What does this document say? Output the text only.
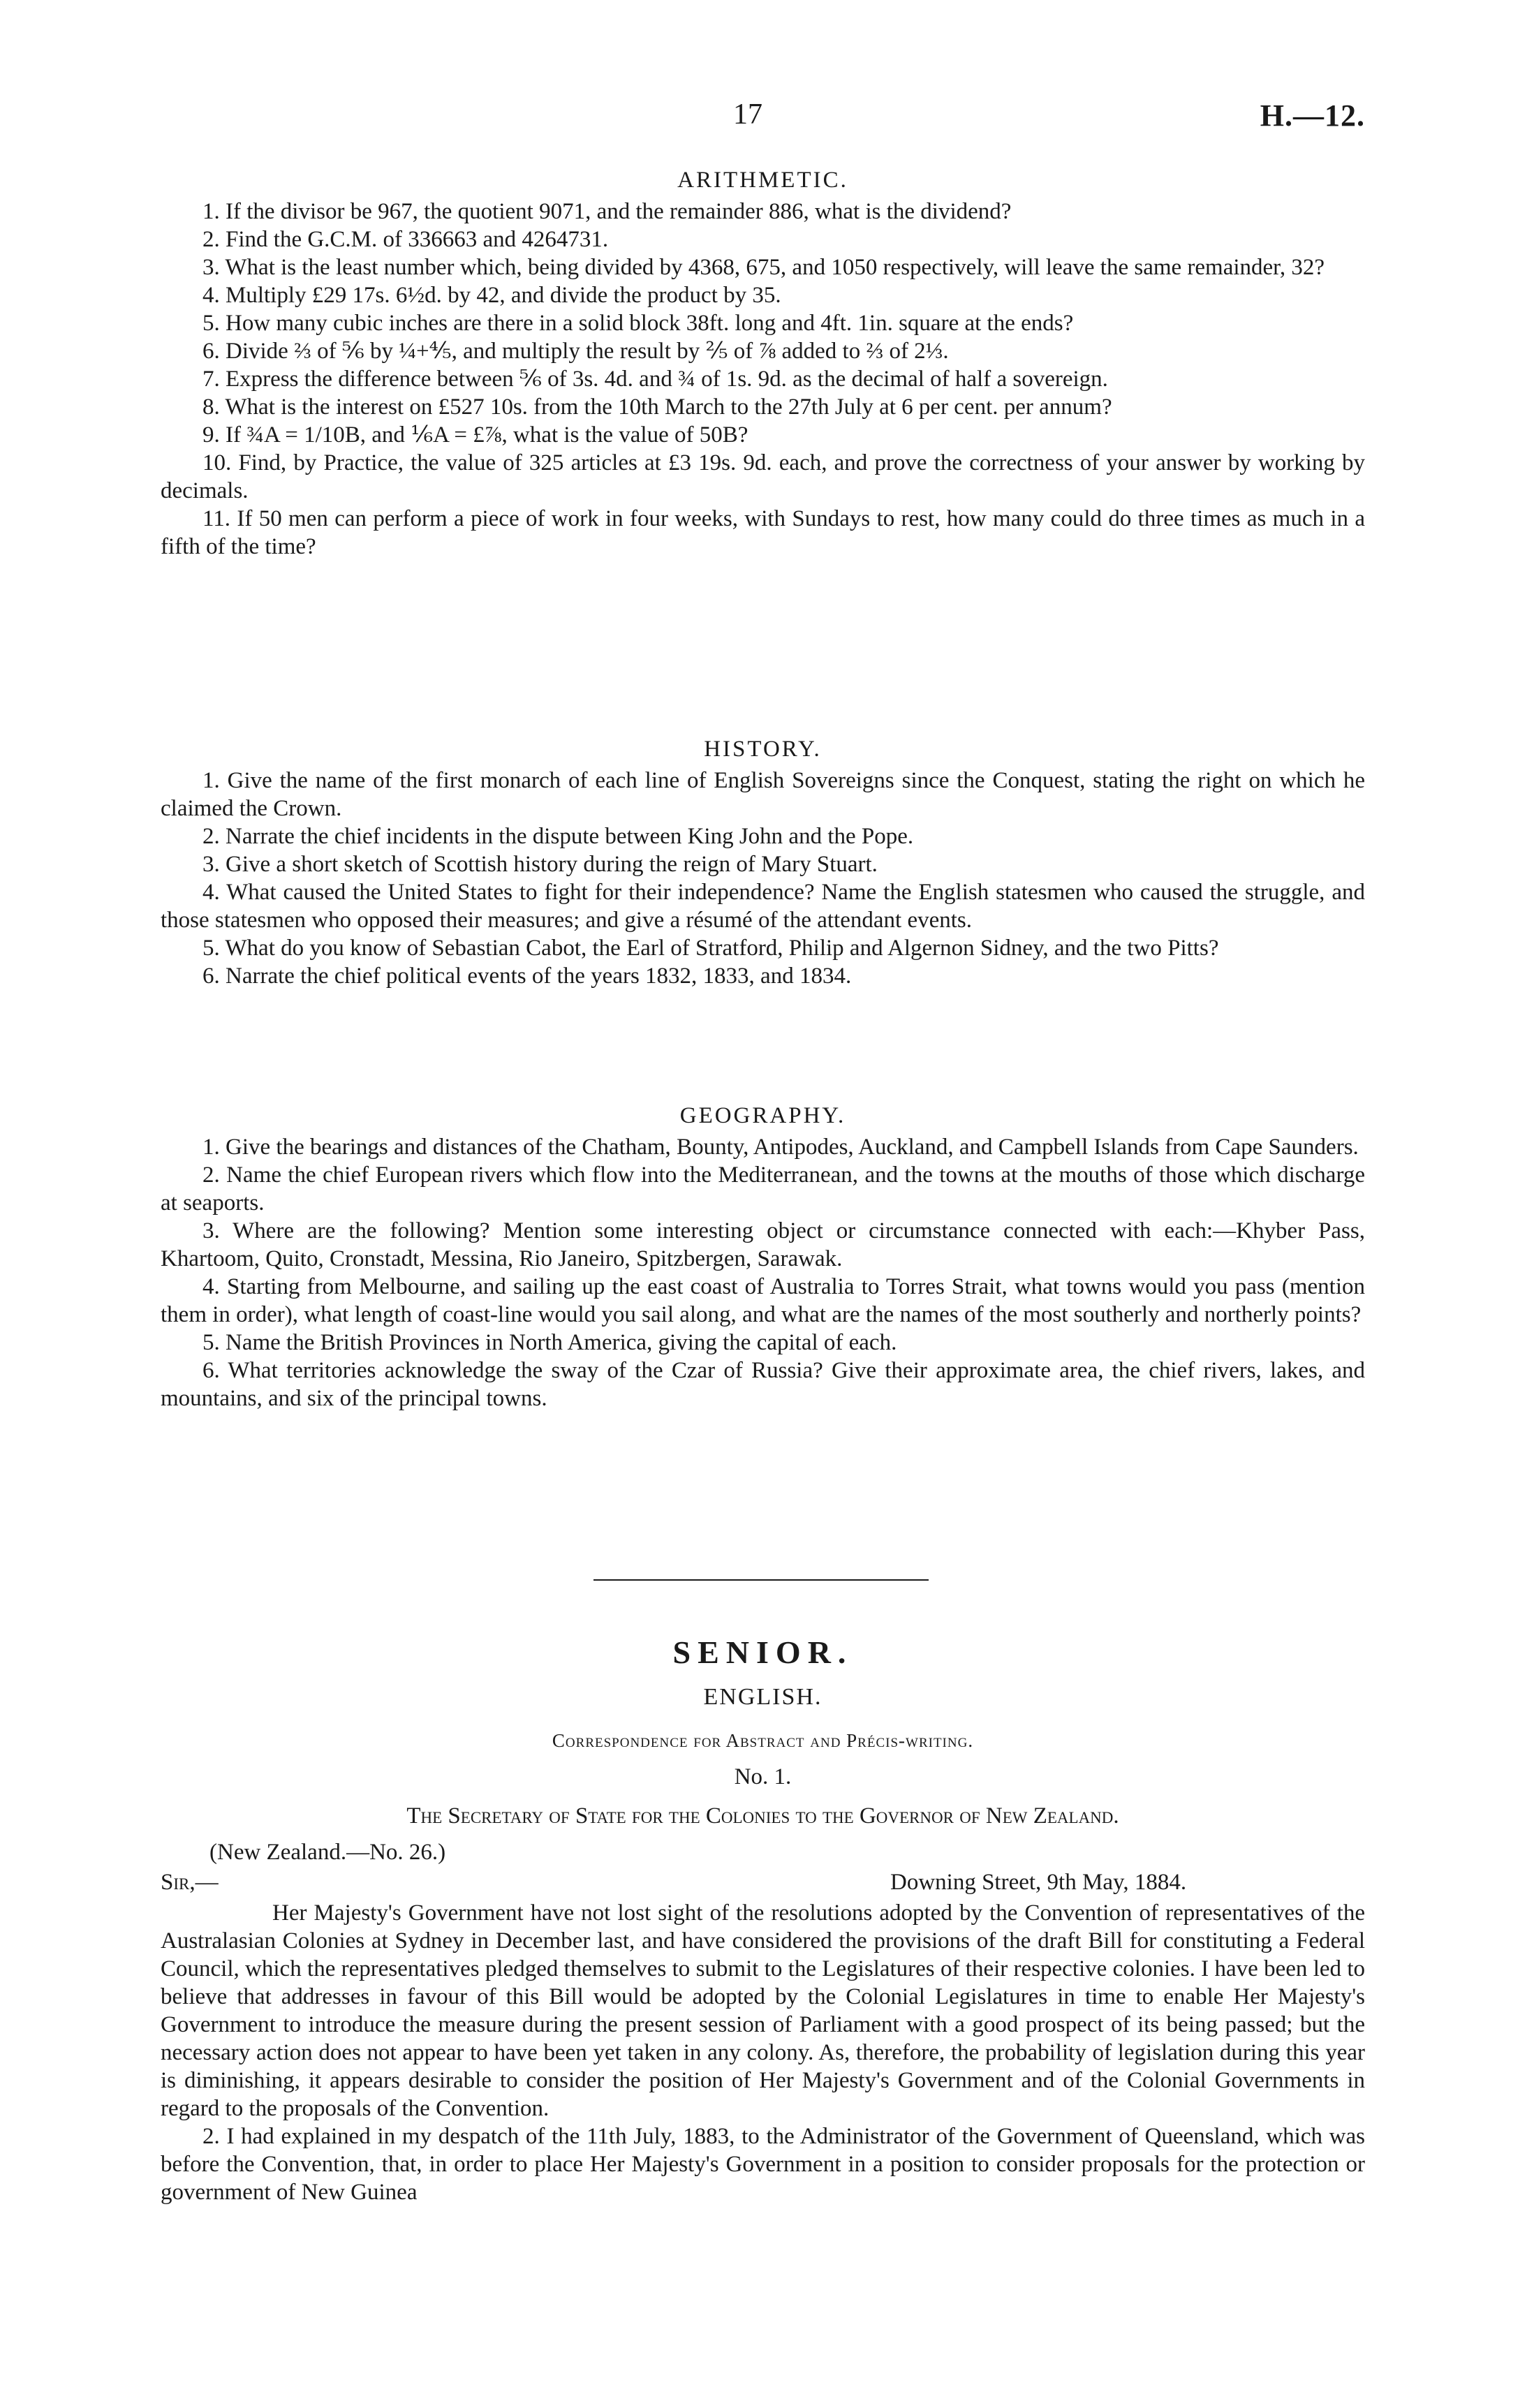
17	H.—12.

ARITHMETIC.

1. If the divisor be 967, the quotient 9071, and the remainder 886, what is the dividend?

2. Find the G.C.M. of 336663 and 4264731.

3. What is the least number which, being divided by 4368, 675, and 1050 respectively, will leave the same remainder, 32?

4. Multiply £29 17s. 6½d. by 42, and divide the product by 35.

5. How many cubic inches are there in a solid block 38ft. long and 4ft. 1in. square at the ends?

6. Divide ⅔ of ⅚ by ¼+⅘, and multiply the result by ⅖ of ⅞ added to ⅔ of 2⅓.

7. Express the difference between ⅚ of 3s. 4d. and ¾ of 1s. 9d. as the decimal of half a sovereign.

8. What is the interest on £527 10s. from the 10th March to the 27th July at 6 per cent. per annum?

9. If ¾A = 1/10B, and ⅙A = £⅞, what is the value of 50B?

10. Find, by Practice, the value of 325 articles at £3 19s. 9d. each, and prove the correctness of your answer by working by decimals.

11. If 50 men can perform a piece of work in four weeks, with Sundays to rest, how many could do three times as much in a fifth of the time?

HISTORY.

1. Give the name of the first monarch of each line of English Sovereigns since the Conquest, stating the right on which he claimed the Crown.

2. Narrate the chief incidents in the dispute between King John and the Pope.

3. Give a short sketch of Scottish history during the reign of Mary Stuart.

4. What caused the United States to fight for their independence? Name the English statesmen who caused the struggle, and those statesmen who opposed their measures; and give a résumé of the attendant events.

5. What do you know of Sebastian Cabot, the Earl of Stratford, Philip and Algernon Sidney, and the two Pitts?

6. Narrate the chief political events of the years 1832, 1833, and 1834.

GEOGRAPHY.

1. Give the bearings and distances of the Chatham, Bounty, Antipodes, Auckland, and Campbell Islands from Cape Saunders.

2. Name the chief European rivers which flow into the Mediterranean, and the towns at the mouths of those which discharge at seaports.

3. Where are the following? Mention some interesting object or circumstance connected with each:—Khyber Pass, Khartoom, Quito, Cronstadt, Messina, Rio Janeiro, Spitzbergen, Sarawak.

4. Starting from Melbourne, and sailing up the east coast of Australia to Torres Strait, what towns would you pass (mention them in order), what length of coast-line would you sail along, and what are the names of the most southerly and northerly points?

5. Name the British Provinces in North America, giving the capital of each.

6. What territories acknowledge the sway of the Czar of Russia? Give their approximate area, the chief rivers, lakes, and mountains, and six of the principal towns.

SENIOR.
ENGLISH.
Correspondence for Abstract and Précis-writing.
No. 1.
The Secretary of State for the Colonies to the Governor of New Zealand.
(New Zealand.—No. 26.)
Sir,—	Downing Street, 9th May, 1884.

Her Majesty's Government have not lost sight of the resolutions adopted by the Convention of representatives of the Australasian Colonies at Sydney in December last, and have considered the provisions of the draft Bill for constituting a Federal Council, which the representatives pledged themselves to submit to the Legislatures of their respective colonies. I have been led to believe that addresses in favour of this Bill would be adopted by the Colonial Legislatures in time to enable Her Majesty's Government to introduce the measure during the present session of Parliament with a good prospect of its being passed; but the necessary action does not appear to have been yet taken in any colony. As, therefore, the probability of legislation during this year is diminishing, it appears desirable to consider the position of Her Majesty's Government and of the Colonial Governments in regard to the proposals of the Convention.

2. I had explained in my despatch of the 11th July, 1883, to the Administrator of the Government of Queensland, which was before the Convention, that, in order to place Her Majesty's Government in a position to consider proposals for the protection or government of New Guinea
